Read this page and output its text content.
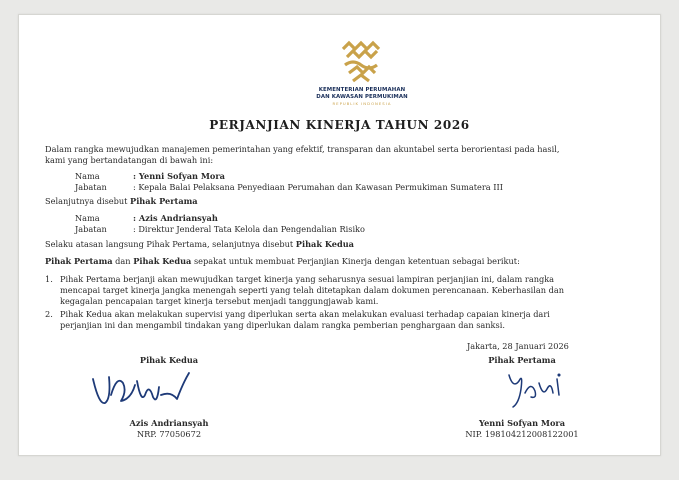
KEMENTERIAN PERUMAHAN
DAN KAWASAN PERMUKIMAN
REPUBLIK INDONESIA
PERJANJIAN KINERJA TAHUN 2026
Dalam rangka mewujudkan manajemen pemerintahan yang efektif, transparan dan akuntabel serta berorientasi pada hasil,
kami yang bertandatangan di bawah ini:
Nama	: Yenni Sofyan Mora
Jabatan	: Kepala Balai Pelaksana Penyediaan Perumahan dan Kawasan Permukiman Sumatera III
Selanjutnya disebut Pihak Pertama
Nama	: Azis Andriansyah
Jabatan	: Direktur Jenderal Tata Kelola dan Pengendalian Risiko
Selaku atasan langsung Pihak Pertama, selanjutnya disebut Pihak Kedua
Pihak Pertama dan Pihak Kedua sepakat untuk membuat Perjanjian Kinerja dengan ketentuan sebagai berikut:
1. Pihak Pertama berjanji akan mewujudkan target kinerja yang seharusnya sesuai lampiran perjanjian ini, dalam rangka
mencapai target kinerja jangka menengah seperti yang telah ditetapkan dalam dokumen perencanaan. Keberhasilan dan
kegagalan pencapaian target kinerja tersebut menjadi tanggungjawab kami.
2. Pihak Kedua akan melakukan supervisi yang diperlukan serta akan melakukan evaluasi terhadap capaian kinerja dari
perjanjian ini dan mengambil tindakan yang diperlukan dalam rangka pemberian penghargaan dan sanksi.
Jakarta, 28 Januari 2026
Pihak Kedua
Azis Andriansyah
NRP. 77050672
Pihak Pertama
Yenni Sofyan Mora
NIP. 198104212008122001
